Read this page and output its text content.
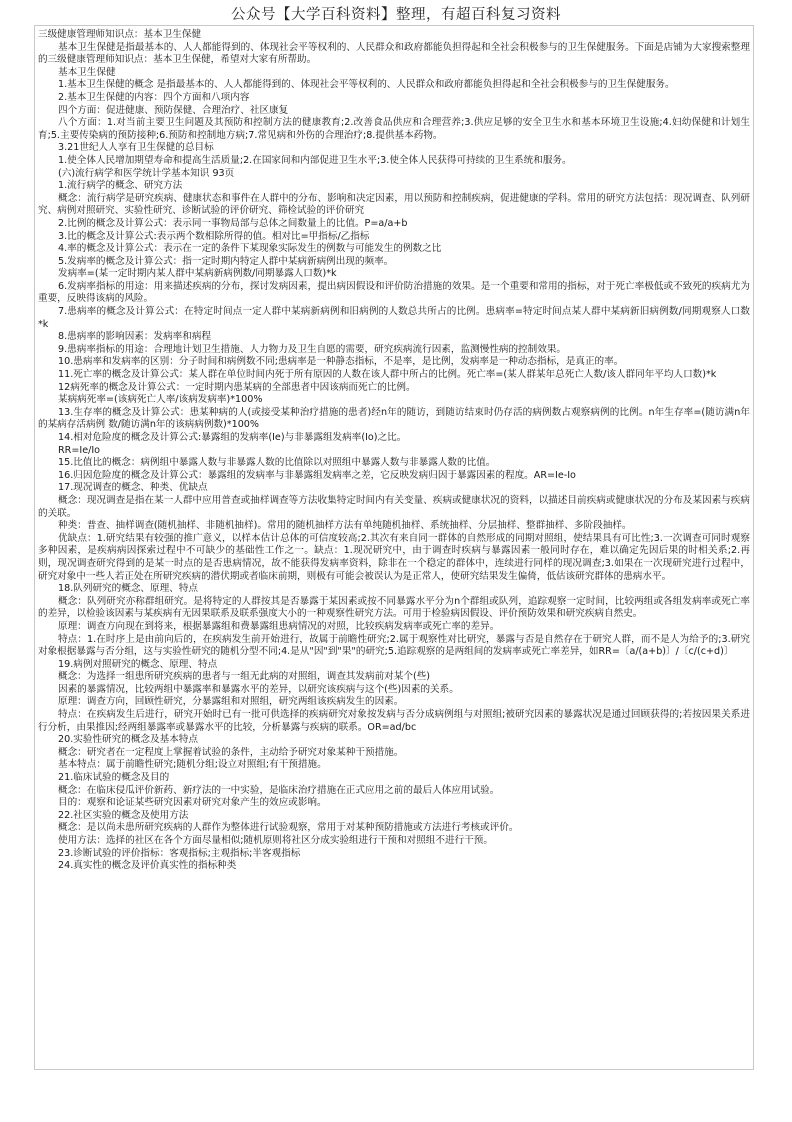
公众号【大学百科资料】整理，有超百科复习资料

三级健康管理师知识点：基本卫生保健

基本卫生保健是指最基本的、人人都能得到的、体现社会平等权利的、人民群众和政府都能负担得起和全社会积极参与的卫生保健服务。下面是店铺为大家搜索整理的三级健康管理师知识点：基本卫生保健，希望对大家有所帮助。

基本卫生保健

1.基本卫生保健的概念 是指最基本的、人人都能得到的、体现社会平等权利的、人民群众和政府都能负担得起和全社会积极参与的卫生保健服务。

2.基本卫生保健的内容：四个方面和八项内容

四个方面：促进健康、预防保健、合理治疗、社区康复

八个方面：1.对当前主要卫生问题及其预防和控制方法的健康教育;2.改善食品供应和合理营养;3.供应足够的安全卫生水和基本环境卫生设施;4.妇幼保健和计划生育;5.主要传染病的预防接种;6.预防和控制地方病;7.常见病和外伤的合理治疗;8.提供基本药物。

3.21世纪人人享有卫生保健的总目标

1.使全体人民增加期望寿命和提高生活质量;2.在国家间和内部促进卫生水平;3.使全体人民获得可持续的卫生系统和服务。

(六)流行病学和医学统计学基本知识 93页

1.流行病学的概念、研究方法

概念：流行病学是研究疾病、健康状态和事件在人群中的分布、影响和决定因素，用以预防和控制疾病，促进健康的学科。常用的研究方法包括：现况调查、队列研究、病例对照研究、实验性研究、诊断试验的评价研究、筛检试验的评价研究

2.比例的概念及计算公式：表示同一事物局部与总体之间数量上的比值。P=a/a+b

3.比的概念及计算公式:表示两个数相除所得的值。相对比=甲指标/乙指标

4.率的概念及计算公式：表示在一定的条件下某现象实际发生的例数与可能发生的例数之比

5.发病率的概念及计算公式：指一定时期内特定人群中某病新病例出现的频率。

发病率=(某一定时期内某人群中某病新病例数/同期暴露人口数)*k

6.发病率指标的用途：用来描述疾病的分布，探讨发病因素，提出病因假设和评价防治措施的效果。是一个重要和常用的指标，对于死亡率极低或不致死的疾病尤为重要，反映得该病的风险。

7.患病率的概念及计算公式：在特定时间点一定人群中某病新病例和旧病例的人数总共所占的比例。患病率=特定时间点某人群中某病新旧病例数/同期观察人口数*k

8.患病率的影响因素：发病率和病程

9.患病率指标的用途：合理地计划卫生措施、人力物力及卫生自愿的需要，研究疾病流行因素，监测慢性病的控制效果。

10.患病率和发病率的区别：分子时间和病例数不同;患病率是一种静态指标，不是率，是比例，发病率是一种动态指标，是真正的率。

11.死亡率的概念及计算公式：某人群在单位时间内死于所有原因的人数在该人群中所占的比例。死亡率=(某人群某年总死亡人数/该人群同年平均人口数)*k

12病死率的概念及计算公式：一定时期内患某病的全部患者中因该病而死亡的比例。

某病病死率=(该病死亡人率/该病发病率)*100%

13.生存率的概念及计算公式：患某种病的人(或接受某种治疗措施的患者)经n年的随访，到随访结束时仍存活的病例数占观察病例的比例。n年生存率=(随访满n年的某病存活病例 数/随访满n年的该病病例数)*100%

14.相对危险度的概念及计算公式:暴露组的发病率(Ie)与非暴露组发病率(Io)之比。

RR=Ie/Io

15.比值比的概念：病例组中暴露人数与非暴露人数的比值除以对照组中暴露人数与非暴露人数的比值。

16.归因危险度的概念及计算公式：暴露组的发病率与非暴露组发病率之差，它反映发病归因于暴露因素的程度。AR=Ie-Io

17.现况调查的概念、种类、优缺点

概念：现况调查是指在某一人群中应用普查或抽样调查等方法收集特定时间内有关变量、疾病或健康状况的资料，以描述目前疾病或健康状况的分布及某因素与疾病的关联。

种类：普查、抽样调查(随机抽样、非随机抽样)。常用的随机抽样方法有单纯随机抽样、系统抽样、分层抽样、整群抽样、多阶段抽样。

优缺点：1.研究结果有较强的推广意义，以样本估计总体的可信度较高;2.其次有来自同一群体的自然形成的同期对照组，使结果具有可比性;3.一次调查可同时观察多种因素，是疾病病因探索过程中不可缺少的基础性工作之一。缺点：1.现况研究中，由于调查时疾病与暴露因素一般同时存在，难以确定先因后果的时相关系;2.再则，现况调查研究得到的是某一时点的是否患病情况，故不能获得发病率资料，除非在一个稳定的群体中，连续进行同样的现况调查;3.如果在一次现研究进行过程中，研究对象中一些人若正处在所研究疾病的潜伏期或者临床前期，则极有可能会被误认为是正常人，使研究结果发生偏倚，低估该研究群体的患病水平。

18.队列研究的概念、原理、特点

概念：队列研究亦称群组研究。是将特定的人群按其是否暴露于某因素或按不同暴露水平分为n个群组或队列，追踪观察一定时间，比较两组或各组发病率或死亡率的差异，以检验该因素与某疾病有无因果联系及联系强度大小的一种观察性研究方法。可用于检验病因假设、评价预防效果和研究疾病自然史。

原理：调查方向现在到将来，根据暴露组和费暴露组患病情况的对照，比较疾病发病率或死亡率的差异。

特点：1.在时序上是由前向后的，在疾病发生前开始进行，故属于前瞻性研究;2.属于观察性对比研究，暴露与否是自然存在于研究人群，而不是人为给予的;3.研究对象根据暴露与否分组，这与实验性研究的随机分型不同;4.是从"因"到"果"的研究;5.追踪观察的是两组间的发病率或死亡率差异，如RR=〔a/(a+b)〕/〔c/(c+d)〕

19.病例对照研究的概念、原理、特点

概念：为选择一组患所研究疾病的患者与一组无此病的对照组，调查其发病前对某个(些)

因素的暴露情况，比较两组中暴露率和暴露水平的差异，以研究该疾病与这个(些)因素的关系。

原理：调查方向，回顾性研究，分暴露组和对照组，研究两组该疾病发生的因素。

特点：在疾病发生后进行，研究开始时已有一批可供选择的疾病研究对象按发病与否分成病例组与对照组;被研究因素的暴露状况是通过回顾获得的;若按因果关系进行分析，由果推因;经两组暴露率或暴露水平的比较，分析暴露与疾病的联系。OR=ad/bc

20.实验性研究的概念及基本特点

概念：研究者在一定程度上掌握着试验的条件，主动给予研究对象某种干预措施。

基本特点：属于前瞻性研究;随机分组;设立对照组;有干预措施。

21.临床试验的概念及目的

概念：在临床侵瓜评价新药、新疗法的一中实验，是临床治疗措施在正式应用之前的最后人体应用试验。

目的：观察和论证某些研究因素对研究对象产生的效应或影响。

22.社区实验的概念及使用方法

概念：是以尚未患所研究疾病的人群作为整体进行试验观察，常用于对某种预防措施或方法进行考核或评价。

使用方法：选择的社区在各个方面尽量相似;随机原则将社区分成实验组进行干预和对照组不进行干预。

23.诊断试验的评价指标：客观指标;主观指标;半客观指标

24.真实性的概念及评价真实性的指标种类
